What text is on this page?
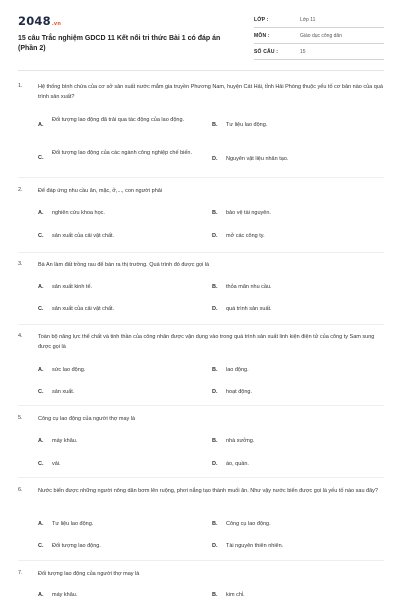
2048.vn
15 câu Trắc nghiệm GDCD 11 Kết nối tri thức Bài 1 có đáp án (Phần 2)
LỚP :	Lớp 11
MÔN :	Giáo dục công dân
SỐ CÂU :	15
1.	Hệ thống bình chứa của cơ sở sản xuất nước mắm gia truyền Phương Nam, huyện Cát Hải, tỉnh Hải Phòng thuộc yếu tố cơ bản nào của quá trình sản xuất?
A.
Đối tượng lao động đã trải qua tác động của lao động.
B. Tư liệu lao động.
C.
Đối tượng lao động của các ngành công nghiệp chế biến.
D. Nguyên vật liệu nhân tạo.
2.	Để đáp ứng nhu cầu ăn, mặc, ở,..., con người phải
A. nghiên cứu khoa học.	B. bảo vệ tài nguyên.
C. sản xuất của cải vật chất.	D. mở các công ty.
3.	Bà An làm đất trồng rau để bán ra thị trường. Quá trình đó được gọi là
A. sản xuất kinh tế.	B. thỏa mãn nhu cầu.
C. sản xuất của cải vật chất.	D. quá trình sản xuất.
4.	Toàn bộ năng lực thể chất và tinh thần của công nhân được vận dụng vào trong quá trình sản xuất linh kiện điện tử của công ty Sam sung được gọi là
A. sức lao động.	B. lao động.
C. sản xuất.	D. hoạt động.
5.	Công cụ lao động của người thợ may là
A. máy khâu.	B. nhà xưởng.
C. vải.	D. áo, quần.
6.	Nước biển được những người nông dân bơm lên ruộng, phơi nắng tạo thành muối ăn. Như vậy nước biển được gọi là yếu tố nào sau đây?
A. Tư liệu lao động.	B. Công cụ lao động.
C. Đối tượng lao động.	D. Tài nguyên thiên nhiên.
7.	Đối tượng lao động của người thợ may là
A. máy khâu.	B. kim chỉ.
